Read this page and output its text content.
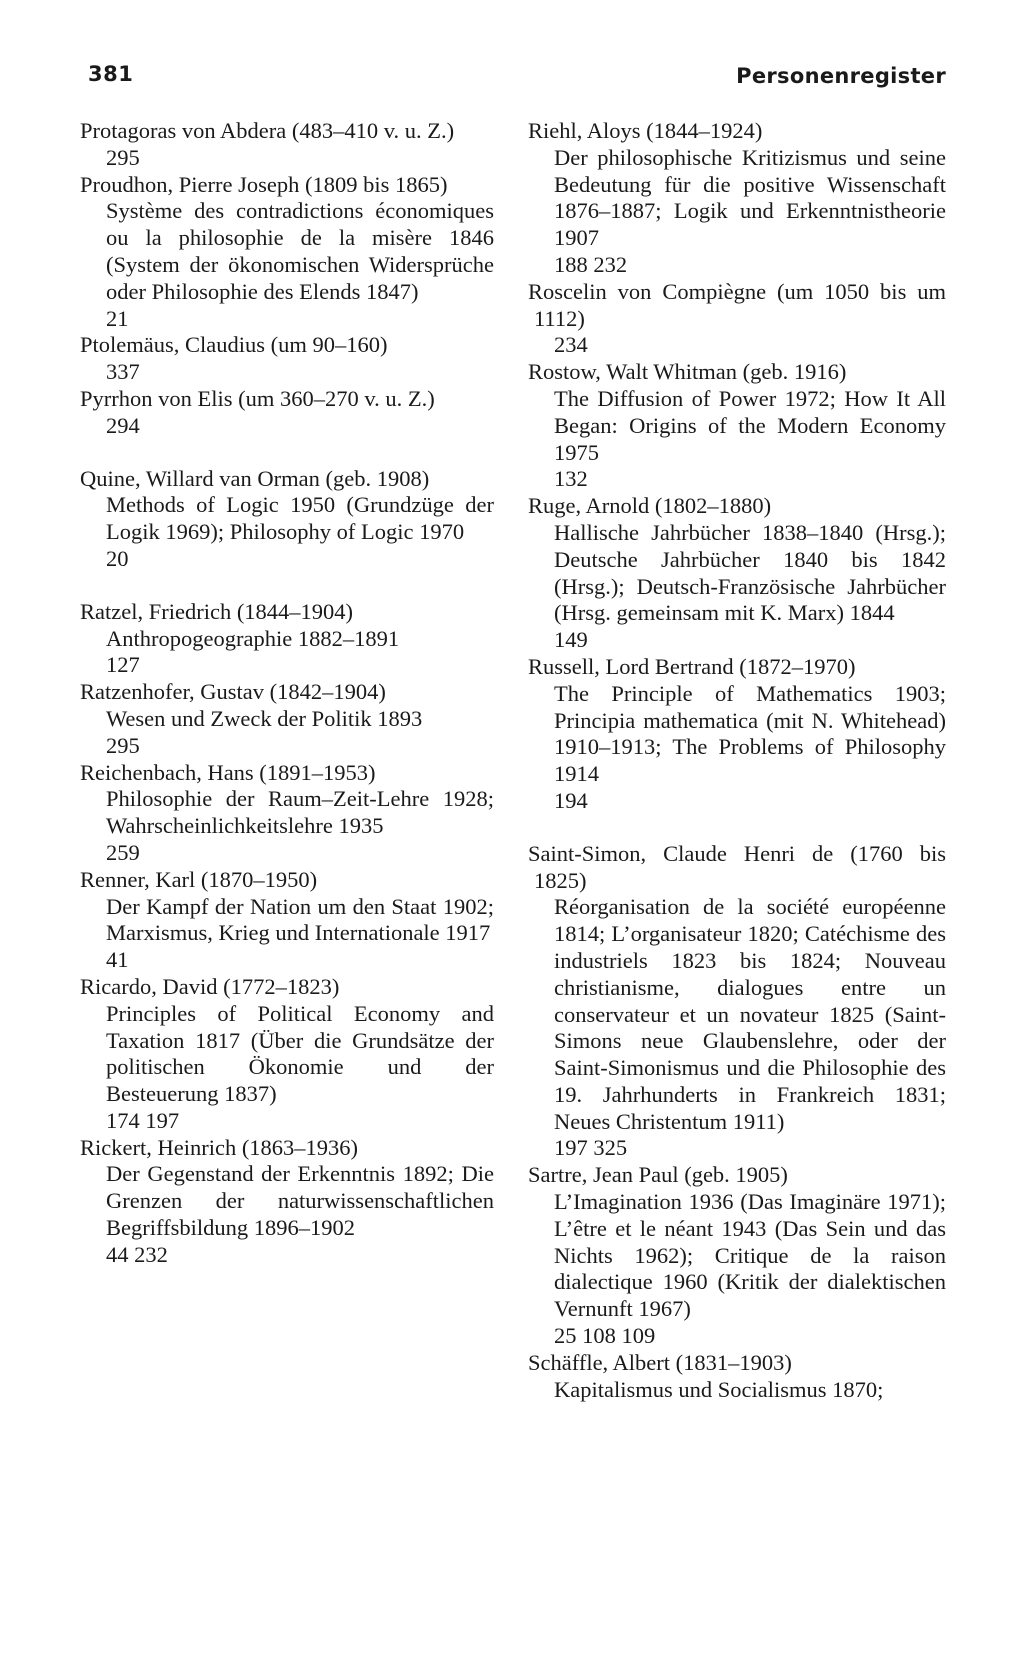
381	Personenregister
Protagoras von Abdera (483–410 v. u. Z.)
295
Proudhon, Pierre Joseph (1809 bis 1865)
Système des contradictions économiques ou la philosophie de la misère 1846 (System der ökonomischen Widersprüche oder Philosophie des Elends 1847)
21
Ptolemäus, Claudius (um 90–160)
337
Pyrrhon von Elis (um 360–270 v. u. Z.)
294
Quine, Willard van Orman (geb. 1908)
Methods of Logic 1950 (Grundzüge der Logik 1969); Philosophy of Logic 1970
20
Ratzel, Friedrich (1844–1904)
Anthropogeographie 1882–1891
127
Ratzenhofer, Gustav (1842–1904)
Wesen und Zweck der Politik 1893
295
Reichenbach, Hans (1891–1953)
Philosophie der Raum–Zeit-Lehre 1928; Wahrscheinlichkeitslehre 1935
259
Renner, Karl (1870–1950)
Der Kampf der Nation um den Staat 1902; Marxismus, Krieg und Internationale 1917
41
Ricardo, David (1772–1823)
Principles of Political Economy and Taxation 1817 (Über die Grundsätze der politischen Ökonomie und der Besteuerung 1837)
174 197
Rickert, Heinrich (1863–1936)
Der Gegenstand der Erkenntnis 1892; Die Grenzen der naturwissenschaftlichen Begriffsbildung 1896–1902
44 232
Riehl, Aloys (1844–1924)
Der philosophische Kritizismus und seine Bedeutung für die positive Wissenschaft 1876–1887; Logik und Erkenntnistheorie 1907
188 232
Roscelin von Compiègne (um 1050 bis um 1112)
234
Rostow, Walt Whitman (geb. 1916)
The Diffusion of Power 1972; How It All Began: Origins of the Modern Economy 1975
132
Ruge, Arnold (1802–1880)
Hallische Jahrbücher 1838–1840 (Hrsg.); Deutsche Jahrbücher 1840 bis 1842 (Hrsg.); Deutsch-Französische Jahrbücher (Hrsg. gemeinsam mit K. Marx) 1844
149
Russell, Lord Bertrand (1872–1970)
The Principle of Mathematics 1903; Principia mathematica (mit N. Whitehead) 1910–1913; The Problems of Philosophy 1914
194
Saint-Simon, Claude Henri de (1760 bis 1825)
Réorganisation de la société européenne 1814; L’organisateur 1820; Catéchisme des industriels 1823 bis 1824; Nouveau christianisme, dialogues entre un conservateur et un novateur 1825 (Saint-Simons neue Glaubenslehre, oder der Saint-Simonismus und die Philosophie des 19. Jahrhunderts in Frankreich 1831; Neues Christentum 1911)
197 325
Sartre, Jean Paul (geb. 1905)
L’Imagination 1936 (Das Imaginäre 1971); L’être et le néant 1943 (Das Sein und das Nichts 1962); Critique de la raison dialectique 1960 (Kritik der dialektischen Vernunft 1967)
25 108 109
Schäffle, Albert (1831–1903)
Kapitalismus und Socialismus 1870;
